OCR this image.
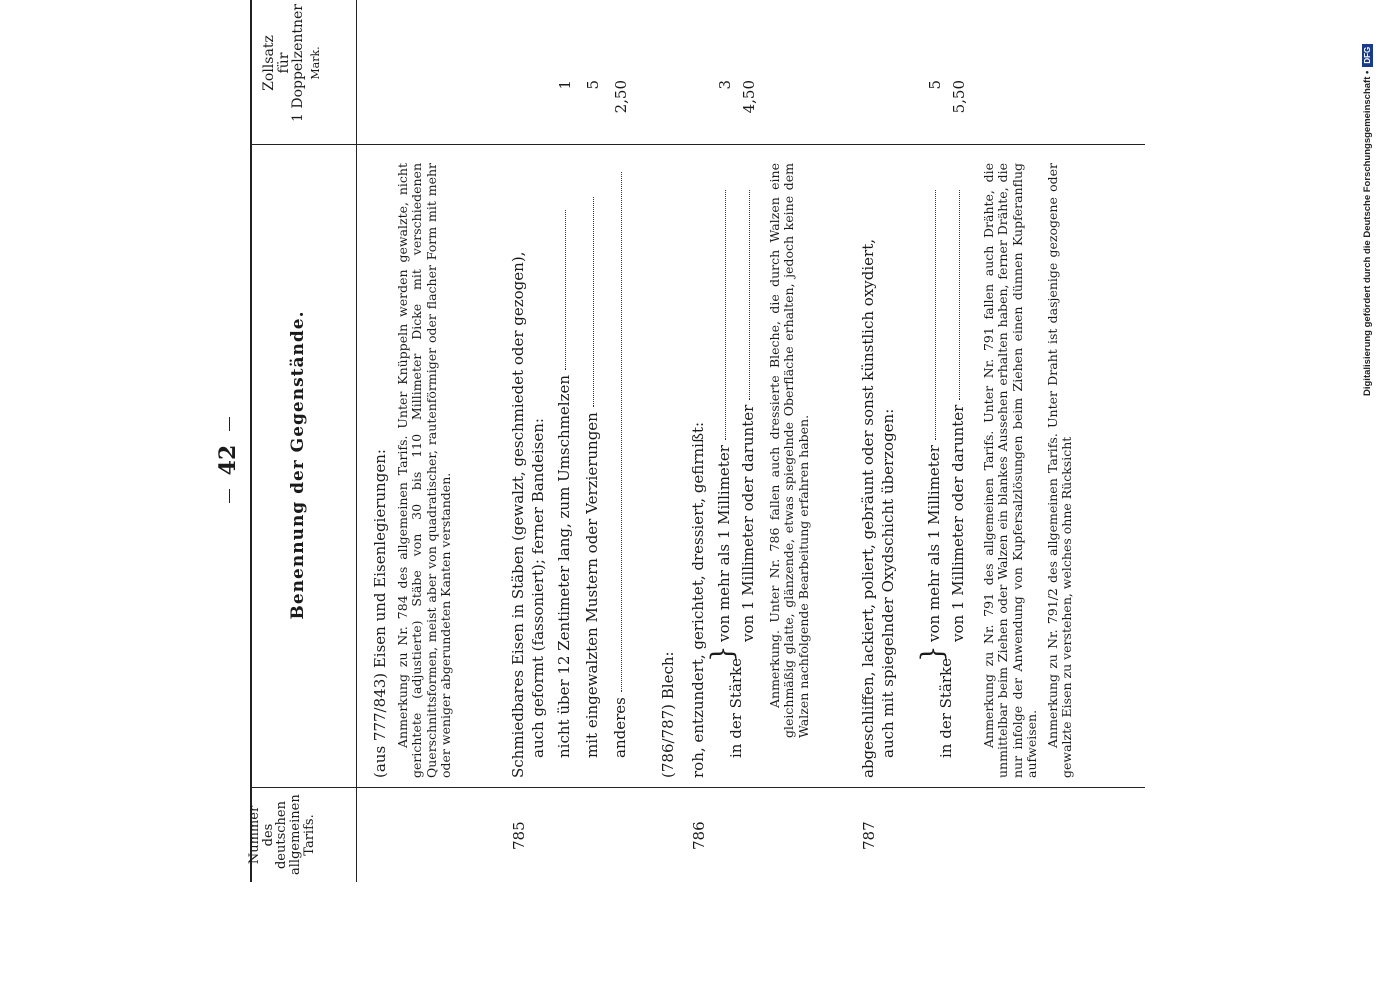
42
Nummer
des
deutschen
allgemeinen
Tarifs.
Benennung der Gegenstände.
Zollsatz
für
1 Doppelzentner Mark.
(aus 777/843) Eisen und Eisenlegierungen: Anmerkung zu Nr. 784 des allgemeinen Tarifs. Unter Knüppeln werden gewalzte, nicht gerichtete (adjustierte) Stäbe von 30 bis 110 Millimeter Dicke mit verschiedenen Querschnittsformen, meist aber von quadratischer, rautenförmiger oder flacher Form mit mehr oder weniger abgerundeten Kanten verstanden.
785
Schmiedbares Eisen in Stäben (gewalzt, geschmiedet oder gezogen), auch geformt (fassoniert); ferner Bandeisen: nicht über 12 Zentimeter lang, zum Umschmelzen
1
mit eingewalzten Mustern oder Verzierungen
5
anderes
2,50
(786/787) Blech:
786
roh, entzundert, gerichtet, dressiert, gefirnißt: in der Stärke
}
von mehr als 1 Millimeter
3
von 1 Millimeter oder darunter
4,50
Anmerkung. Unter Nr. 786 fallen auch dressierte Bleche, die durch Walzen eine gleichmäßig glatte, glänzende, etwas spiegelnde Oberfläche erhalten, jedoch keine dem Walzen nachfolgende Bearbeitung erfahren haben.
787
abgeschliffen, lackiert, poliert, gebräunt oder sonst künstlich oxydiert, auch mit spiegelnder Oxydschicht überzogen:	in der Stärke
}
von mehr als 1 Millimeter
5
von 1 Millimeter oder darunter
5,50
Anmerkung zu Nr. 791 des allgemeinen Tarifs. Unter Nr. 791 fallen auch Drähte, die unmittelbar beim Ziehen oder Walzen ein blankes Aussehen erhalten haben, ferner Drähte, die nur infolge der Anwendung von Kupfersalzlösungen beim Ziehen einen dünnen Kupferanflug aufweisen. Anmerkung zu Nr. 791/2 des allgemeinen Tarifs. Unter Draht ist dasjenige gezogene oder gewalzte Eisen zu verstehen, welches ohne Rücksicht
Digitalisierung gefördert durch die Deutsche Forschungsgemeinschaft •DFG
